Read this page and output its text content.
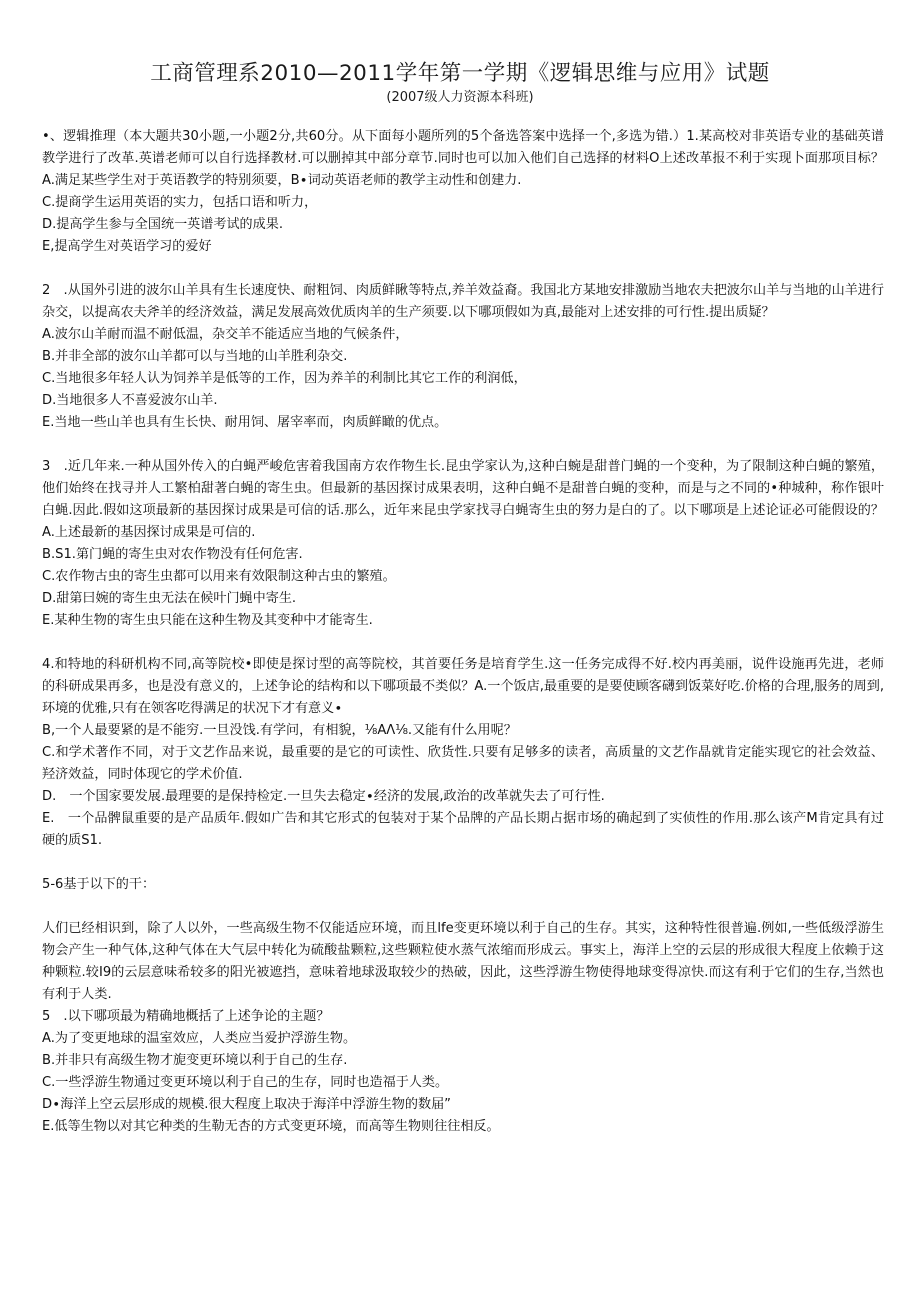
工商管理系2010—2011学年第一学期《逻辑思维与应用》试题
(2007级人力资源本科班)

•、逻辑推理（本大题共30小题,一小题2分,共60分。从下面每小题所列的5个备选答案中选择一个,多选为错.）1.某高校对非英语专业的基础英谱教学进行了改革.英谱老师可以自行选择教材.可以删掉其中部分章节.同时也可以加入他们自己选择的材料O上述改革报不利于实现卜面那项目标？A.满足某些学生对于英语教学的特别须要，B∙词动英语老师的教学主动性和创建力.

C.提商学生运用英语的实力，包括口语和听力，

D.提高学生参与全国统一英谱考试的成果.

E,提高学生对英语学习的爱好

2　.从国外引进的波尔山羊具有生长速度快、耐粗饲、肉质鲜瞅等特点,养羊效益裔。我国北方某地安排激励当地农夫把波尔山羊与当地的山羊进行杂交，以提高农夫斧羊的经济效益，满足发展高效优质肉羊的生产须要.以下哪项假如为真,最能对上述安排的可行性.提出质疑？

A.波尔山羊耐而温不耐低温，杂交羊不能适应当地的气候条件，

B.并非全部的波尔山羊都可以与当地的山羊胜利杂交.

C.当地很多年轻人认为饲养羊是低等的工作，因为养羊的利制比其它工作的利润低，

D.当地很多人不喜爱波尔山羊.

E.当地一些山羊也具有生长快、耐用饲、屠宰率而，肉质鲜瞰的优点。

3　.近几年来.一种从国外传入的白蝇严峻危害着我国南方农作物生长.昆虫学家认为,这种白蜿是甜普门蝇的一个变种，为了限制这种白蝇的繁殖，他们始终在找寻并人工繁柏甜著白蝇的寄生虫。但最新的基因探讨成果表明，这种白蝇不是甜普白蝇的变种，而是与之不同的•种城种，称作银叶白蝇.因此.假如这项最新的基因探讨成果是可信的话.那么，近年来昆虫学家找寻白蝇寄生虫的努力是白的了。以下哪项是上述论证必可能假设的？A.上述最新的基因探讨成果是可信的.

B.S1.第门蝇的寄生虫对农作物没有任何危害.

C.农作物古虫的寄生虫都可以用来有效限制这种古虫的繁殖。

D.甜第曰婉的寄生虫无法在候叶门蝇中寄生.

E.某种生物的寄生虫只能在这种生物及其变种中才能寄生.

4.和特地的科研机构不同,高等院校•即使是探讨型的高等院校，其首要任务是培育学生.这一任务完成得不好.校内再美丽，说件设施再先进，老师的科研成果再多，也是没有意义的，上述争论的结构和以下哪项最不类似？A.一个饭店,最重要的是要使顾客礴到饭菜好吃.价格的合理,服务的周到,环境的优雅,只有在领客吃得满足的状况下才有意义∙

B,一个人最要紧的是不能穷.一旦没饯.有学问，有相貌，⅛AΛ⅛.又能有什么用呢？

C.和学术著作不同，对于文艺作品来说，最重要的是它的可读性、欣货性.只要有足够多的读者，高质量的文艺作晶就肯定能实现它的社会效益、羟济效益，同时体现它的学术价值.

D.　一个国家要发展.最理要的是保持检定.一旦失去稳定∙经济的发展,政治的改革就失去了可行性.

E.　一个品髀鼠重要的是产品质年.假如广告和其它形式的包装对于某个品牌的产品长期占据市场的确起到了实侦性的作用.那么该产M肯定具有过硬的质S1.

5-6基于以下的干：

人们已经相识到，除了人以外，一些高级生物不仅能适应环境，而且lfe变更环境以利于自己的生存。其实，这种特性很普遍.例如,一些低级浮游生物会产生一种气体,这种气体在大气层中转化为硫酸盐颗粒,这些颗粒使水蒸气浓缩而形成云。事实上，海洋上空的云层的形成很大程度上依赖于这种颗粒.较I9的云层意味希较多的阳光被遮挡，意味着地球汲取较少的热破，因此，这些浮游生物使得地球变得凉快.而这有利于它们的生存,当然也有利于人类.

5　.以下哪项最为精确地概括了上述争论的主题？

A.为了变更地球的温室效应，人类应当爱护浮游生物。

B.并非只有高级生物才旎变更环境以利于自己的生存.

C.一些浮游生物通过变更环境以利于自己的生存，同时也造福于人类。

D∙海洋上空云层形成的规模.很大程度上取决于海洋中浮游生物的数届”

E.低等生物以对其它种类的生勒无杏的方式变更环境，而高等生物则往往相反。
